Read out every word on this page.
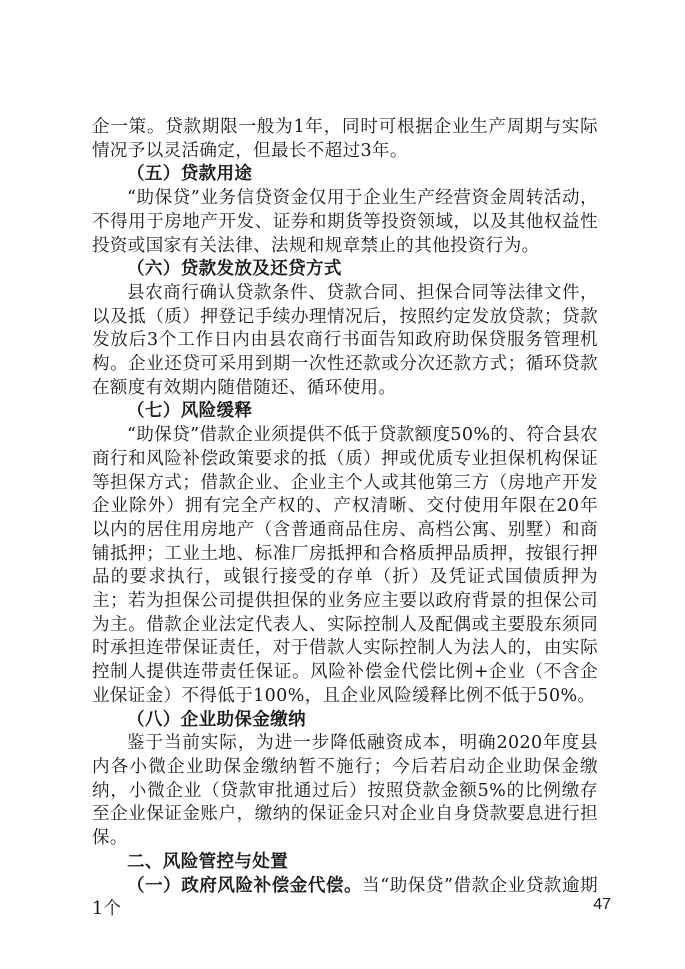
企一策。贷款期限一般为1年，同时可根据企业生产周期与实际情况予以灵活确定，但最长不超过3年。

（五）贷款用途

“助保贷”业务信贷资金仅用于企业生产经营资金周转活动，不得用于房地产开发、证券和期货等投资领域，以及其他权益性投资或国家有关法律、法规和规章禁止的其他投资行为。

（六）贷款发放及还贷方式

县农商行确认贷款条件、贷款合同、担保合同等法律文件，以及抵（质）押登记手续办理情况后，按照约定发放贷款；贷款发放后3个工作日内由县农商行书面告知政府助保贷服务管理机构。企业还贷可采用到期一次性还款或分次还款方式；循环贷款在额度有效期内随借随还、循环使用。

（七）风险缓释

“助保贷”借款企业须提供不低于贷款额度50%的、符合县农商行和风险补偿政策要求的抵（质）押或优质专业担保机构保证等担保方式；借款企业、企业主个人或其他第三方（房地产开发企业除外）拥有完全产权的、产权清晰、交付使用年限在20年以内的居住用房地产（含普通商品住房、高档公寓、别墅）和商铺抵押；工业土地、标准厂房抵押和合格质押品质押，按银行押品的要求执行，或银行接受的存单（折）及凭证式国债质押为主；若为担保公司提供担保的业务应主要以政府背景的担保公司为主。借款企业法定代表人、实际控制人及配偶或主要股东须同时承担连带保证责任，对于借款人实际控制人为法人的，由实际控制人提供连带责任保证。风险补偿金代偿比例+企业（不含企业保证金）不得低于100%，且企业风险缓释比例不低于50%。

（八）企业助保金缴纳

鉴于当前实际，为进一步降低融资成本，明确2020年度县内各小微企业助保金缴纳暂不施行；今后若启动企业助保金缴纳，小微企业（贷款审批通过后）按照贷款金额5%的比例缴存至企业保证金账户，缴纳的保证金只对企业自身贷款要息进行担保。

二、风险管控与处置

（一）政府风险补偿金代偿。当“助保贷”借款企业贷款逾期1个	47
